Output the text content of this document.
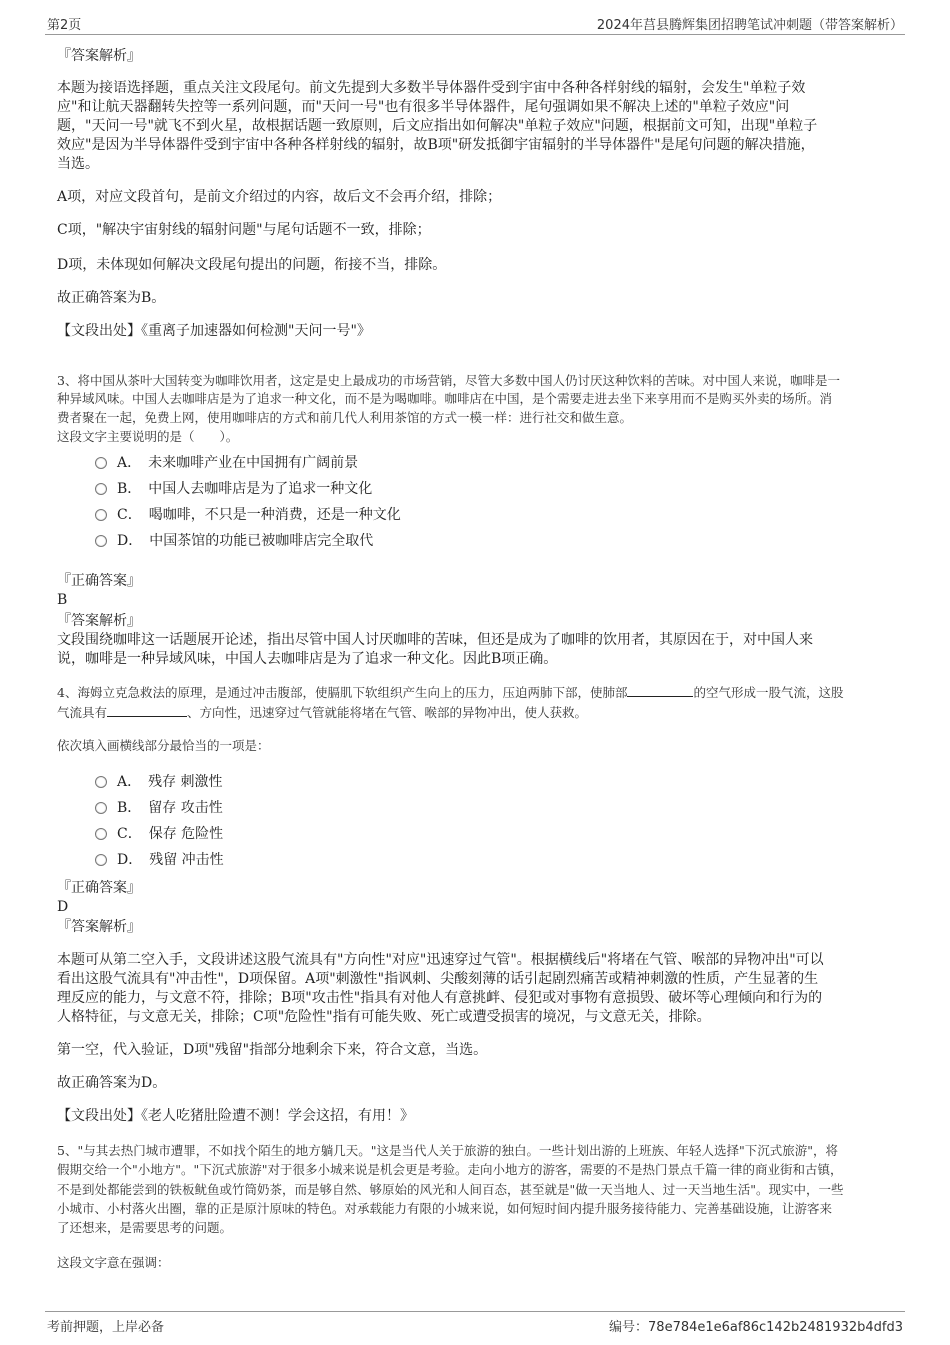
第2页	2024年莒县腾辉集团招聘笔试冲刺题（带答案解析）
『答案解析』
本题为接语选择题，重点关注文段尾句。前文先提到大多数半导体器件受到宇宙中各种各样射线的辐射，会发生"单粒子效
应"和让航天器翻转失控等一系列问题，而"天问一号"也有很多半导体器件，尾句强调如果不解决上述的"单粒子效应"问
题，"天问一号"就飞不到火星，故根据话题一致原则，后文应指出如何解决"单粒子效应"问题，根据前文可知，出现"单粒子
效应"是因为半导体器件受到宇宙中各种各样射线的辐射，故B项"研发抵御宇宙辐射的半导体器件"是尾句问题的解决措施，
当选。
A项，对应文段首句，是前文介绍过的内容，故后文不会再介绍，排除；
C项，"解决宇宙射线的辐射问题"与尾句话题不一致，排除；
D项，未体现如何解决文段尾句提出的问题，衔接不当，排除。
故正确答案为B。
【文段出处】《重离子加速器如何检测"天问一号"》
3、将中国从茶叶大国转变为咖啡饮用者，这定是史上最成功的市场营销，尽管大多数中国人仍讨厌这种饮料的苦味。对中国人来说，咖啡是一
种异域风味。中国人去咖啡店是为了追求一种文化，而不是为喝咖啡。咖啡店在中国，是个需要走进去坐下来享用而不是购买外卖的场所。消
费者聚在一起，免费上网，使用咖啡店的方式和前几代人利用茶馆的方式一模一样：进行社交和做生意。
这段文字主要说明的是（　　）。
A．　未来咖啡产业在中国拥有广阔前景
B．　中国人去咖啡店是为了追求一种文化
C．　喝咖啡，不只是一种消费，还是一种文化
D．　中国茶馆的功能已被咖啡店完全取代
『正确答案』
B
『答案解析』
文段围绕咖啡这一话题展开论述，指出尽管中国人讨厌咖啡的苦味，但还是成为了咖啡的饮用者，其原因在于，对中国人来
说，咖啡是一种异域风味，中国人去咖啡店是为了追求一种文化。因此B项正确。
4、海姆立克急救法的原理，是通过冲击腹部，使膈肌下软组织产生向上的压力，压迫两肺下部，使肺部	的空气形成一股气流，这股
气流具有	、方向性，迅速穿过气管就能将堵在气管、喉部的异物冲出，使人获救。
依次填入画横线部分最恰当的一项是：
A．　残存 刺激性
B．　留存 攻击性
C．　保存 危险性
D．　残留 冲击性
『正确答案』
D
『答案解析』
本题可从第二空入手，文段讲述这股气流具有"方向性"对应"迅速穿过气管"。根据横线后"将堵在气管、喉部的异物冲出"可以
看出这股气流具有"冲击性"，D项保留。A项"刺激性"指讽刺、尖酸刻薄的话引起剧烈痛苦或精神刺激的性质，产生显著的生
理反应的能力，与文意不符，排除；B项"攻击性"指具有对他人有意挑衅、侵犯或对事物有意损毁、破坏等心理倾向和行为的
人格特征，与文意无关，排除；C项"危险性"指有可能失败、死亡或遭受损害的境况，与文意无关，排除。
第一空，代入验证，D项"残留"指部分地剩余下来，符合文意，当选。
故正确答案为D。
【文段出处】《老人吃猪肚险遭不测！学会这招，有用！》
5、"与其去热门城市遭罪，不如找个陌生的地方躺几天。"这是当代人关于旅游的独白。一些计划出游的上班族、年轻人选择"下沉式旅游"，将
假期交给一个"小地方"。"下沉式旅游"对于很多小城来说是机会更是考验。走向小地方的游客，需要的不是热门景点千篇一律的商业街和古镇，
不是到处都能尝到的铁板鱿鱼或竹筒奶茶，而是够自然、够原始的风光和人间百态，甚至就是"做一天当地人、过一天当地生活"。现实中，一些
小城市、小村落火出圈，靠的正是原汁原味的特色。对承载能力有限的小城来说，如何短时间内提升服务接待能力、完善基础设施，让游客来
了还想来，是需要思考的问题。
这段文字意在强调：
考前押题，上岸必备	编号：78e784e1e6af86c142b2481932b4dfd3
